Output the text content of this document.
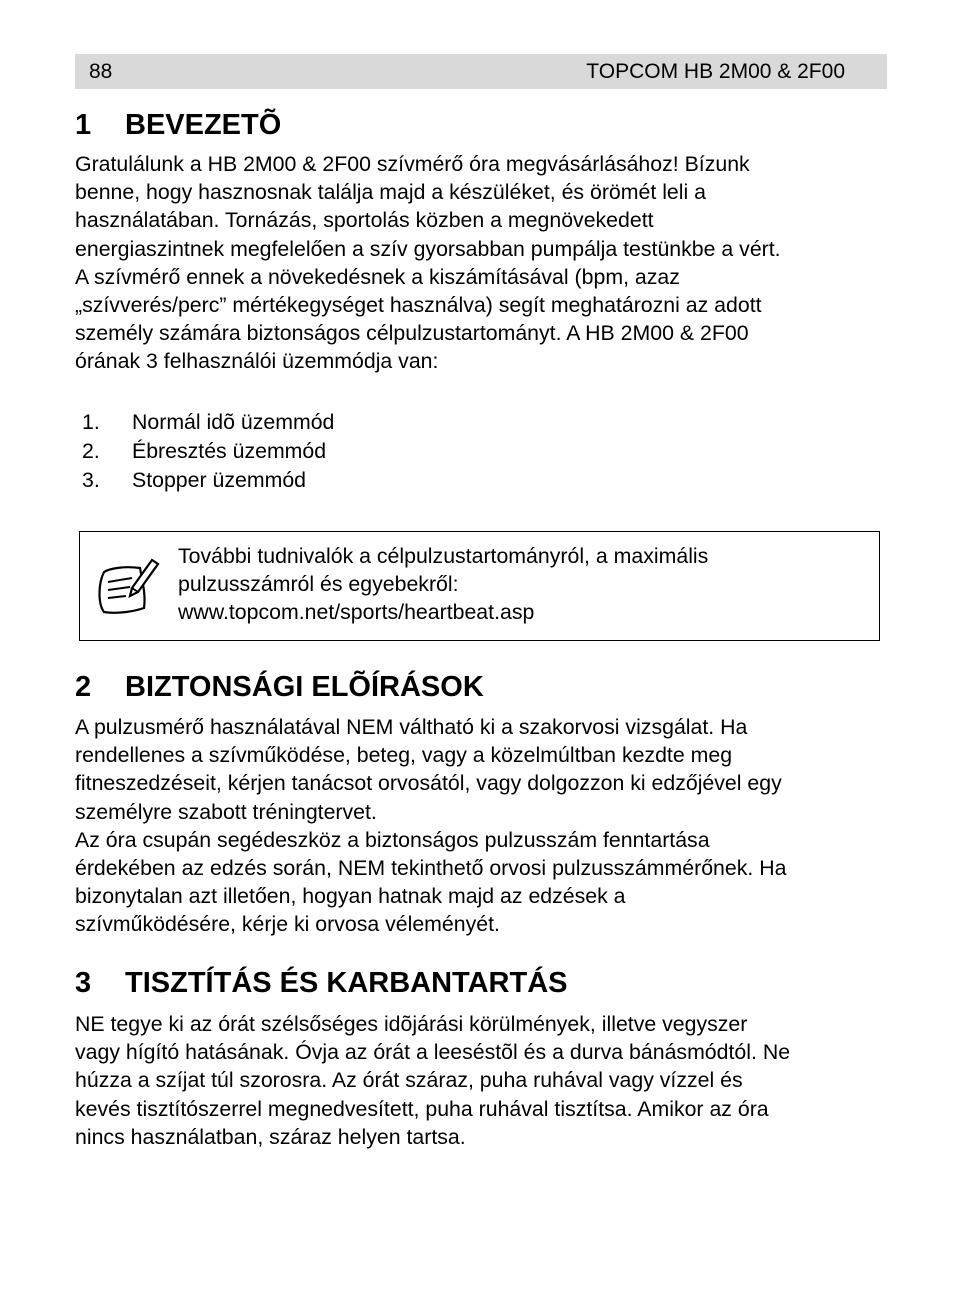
88	TOPCOM HB 2M00 & 2F00
1 BEVEZETÕ

Gratulálunk a HB 2M00 & 2F00 szívmérő óra megvásárlásához! Bízunk
benne, hogy hasznosnak találja majd a készüléket, és örömét leli a
használatában. Tornázás, sportolás közben a megnövekedett
energiaszintnek megfelelően a szív gyorsabban pumpálja testünkbe a vért.
A szívmérő ennek a növekedésnek a kiszámításával (bpm, azaz
„szívverés/perc” mértékegységet használva) segít meghatározni az adott
személy számára biztonságos célpulzustartományt. A HB 2M00 & 2F00
órának 3 felhasználói üzemmódja van:

1. Normál idõ üzemmód
2. Ébresztés üzemmód
3. Stopper üzemmód
További tudnivalók a célpulzustartományról, a maximális
pulzusszámról és egyebekről:
www.topcom.net/sports/heartbeat.asp
2 BIZTONSÁGI ELÕÍRÁSOK

A pulzusmérő használatával NEM váltható ki a szakorvosi vizsgálat. Ha
rendellenes a szívműködése, beteg, vagy a közelmúltban kezdte meg
fitneszedzéseit, kérjen tanácsot orvosától, vagy dolgozzon ki edzőjével egy
személyre szabott tréningtervet.
Az óra csupán segédeszköz a biztonságos pulzusszám fenntartása
érdekében az edzés során, NEM tekinthető orvosi pulzusszámmérőnek. Ha
bizonytalan azt illetően, hogyan hatnak majd az edzések a
szívműködésére, kérje ki orvosa véleményét.

3 TISZTÍTÁS ÉS KARBANTARTÁS

NE tegye ki az órát szélsőséges idõjárási körülmények, illetve vegyszer
vagy hígító hatásának. Óvja az órát a leeséstõl és a durva bánásmódtól. Ne
húzza a szíjat túl szorosra. Az órát száraz, puha ruhával vagy vízzel és
kevés tisztítószerrel megnedvesített, puha ruhával tisztítsa. Amikor az óra
nincs használatban, száraz helyen tartsa.
